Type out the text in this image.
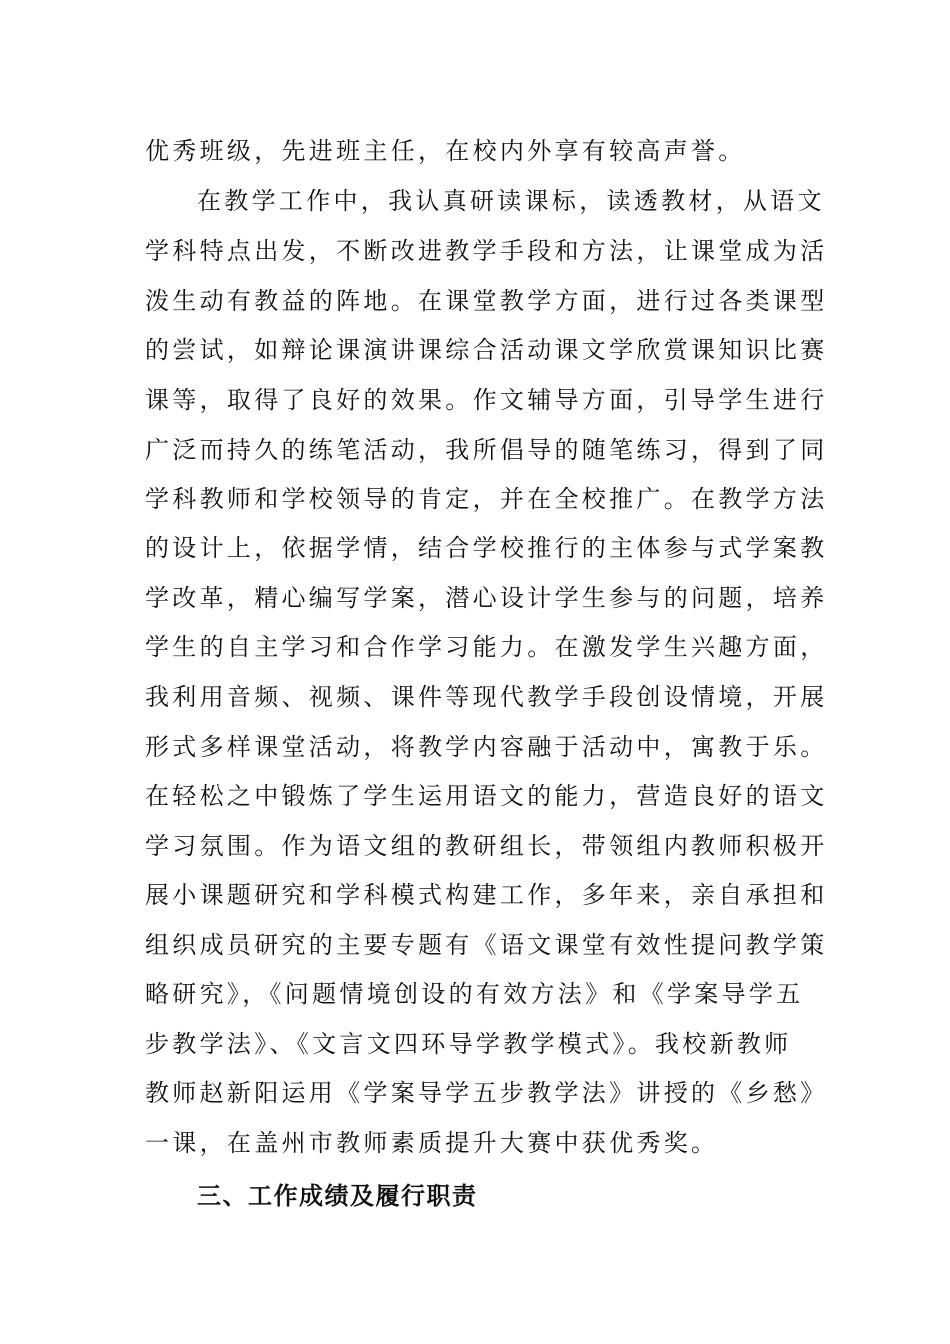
优秀班级，先进班主任，在校内外享有较高声誉。
在教学工作中，我认真研读课标，读透教材，从语文
学科特点出发，不断改进教学手段和方法，让课堂成为活
泼生动有教益的阵地。在课堂教学方面，进行过各类课型
的尝试，如辩论课演讲课综合活动课文学欣赏课知识比赛
课等，取得了良好的效果。作文辅导方面，引导学生进行
广泛而持久的练笔活动，我所倡导的随笔练习，得到了同
学科教师和学校领导的肯定，并在全校推广。在教学方法
的设计上，依据学情，结合学校推行的主体参与式学案教
学改革，精心编写学案，潜心设计学生参与的问题，培养
学生的自主学习和合作学习能力。在激发学生兴趣方面，
我利用音频、视频、课件等现代教学手段创设情境，开展
形式多样课堂活动，将教学内容融于活动中，寓教于乐。
在轻松之中锻炼了学生运用语文的能力，营造良好的语文
学习氛围。作为语文组的教研组长，带领组内教师积极开
展小课题研究和学科模式构建工作，多年来，亲自承担和
组织成员研究的主要专题有《语文课堂有效性提问教学策
略研究》，《问题情境创设的有效方法》和《学案导学五
步教学法》、《文言文四环导学教学模式》。我校新教师
教师赵新阳运用《学案导学五步教学法》讲授的《乡愁》
一课，在盖州市教师素质提升大赛中获优秀奖。
三、工作成绩及履行职责
